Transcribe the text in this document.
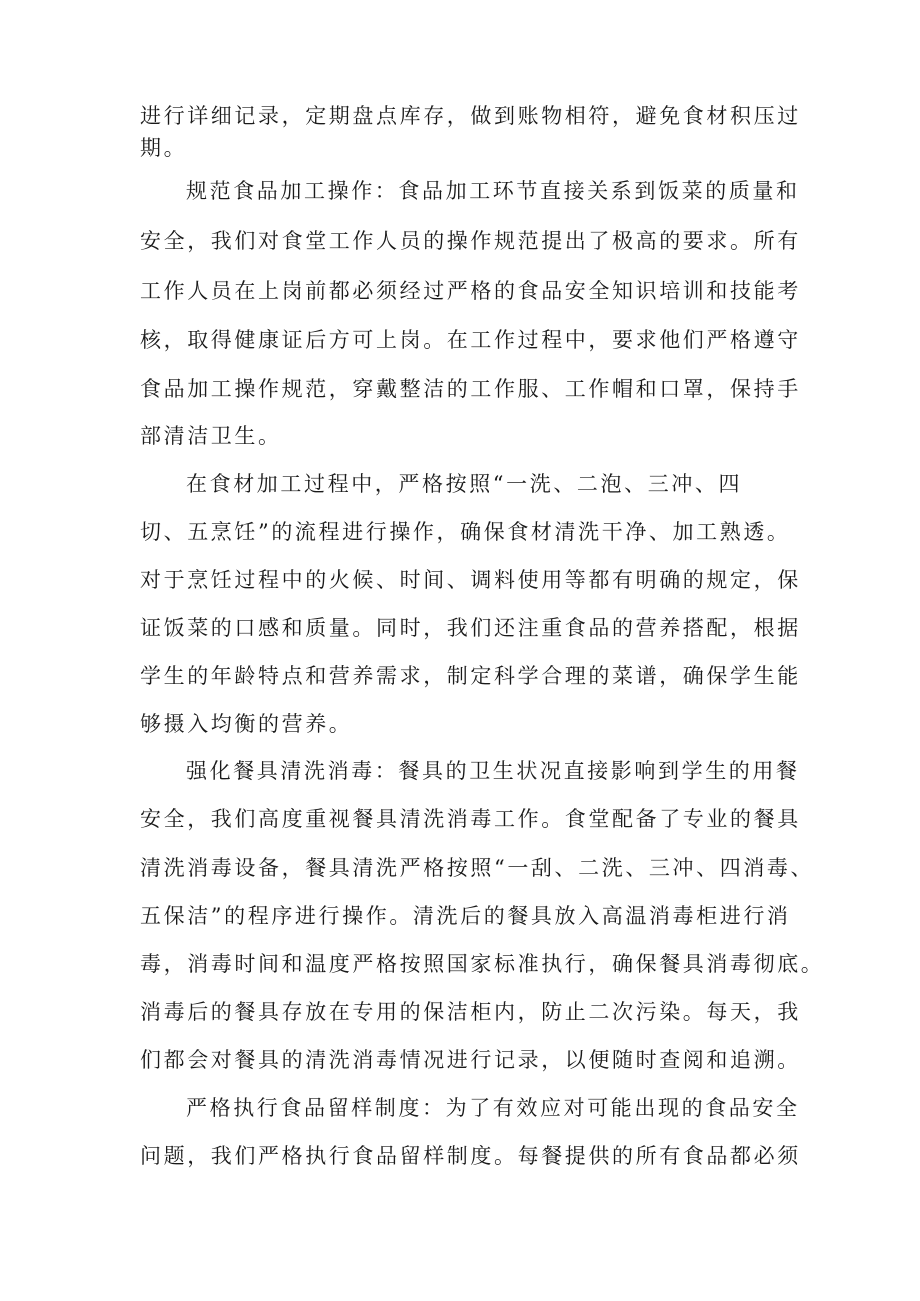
进行详细记录，定期盘点库存，做到账物相符，避免食材积压过
期。
规范食品加工操作：食品加工环节直接关系到饭菜的质量和
安全，我们对食堂工作人员的操作规范提出了极高的要求。所有
工作人员在上岗前都必须经过严格的食品安全知识培训和技能考
核，取得健康证后方可上岗。在工作过程中，要求他们严格遵守
食品加工操作规范，穿戴整洁的工作服、工作帽和口罩，保持手
部清洁卫生。
在食材加工过程中，严格按照“一洗、二泡、三冲、四
切、五烹饪”的流程进行操作，确保食材清洗干净、加工熟透。
对于烹饪过程中的火候、时间、调料使用等都有明确的规定，保
证饭菜的口感和质量。同时，我们还注重食品的营养搭配，根据
学生的年龄特点和营养需求，制定科学合理的菜谱，确保学生能
够摄入均衡的营养。
强化餐具清洗消毒：餐具的卫生状况直接影响到学生的用餐
安全，我们高度重视餐具清洗消毒工作。食堂配备了专业的餐具
清洗消毒设备，餐具清洗严格按照“一刮、二洗、三冲、四消毒、
五保洁”的程序进行操作。清洗后的餐具放入高温消毒柜进行消
毒，消毒时间和温度严格按照国家标准执行，确保餐具消毒彻底。
消毒后的餐具存放在专用的保洁柜内，防止二次污染。每天，我
们都会对餐具的清洗消毒情况进行记录，以便随时查阅和追溯。
严格执行食品留样制度：为了有效应对可能出现的食品安全
问题，我们严格执行食品留样制度。每餐提供的所有食品都必须
